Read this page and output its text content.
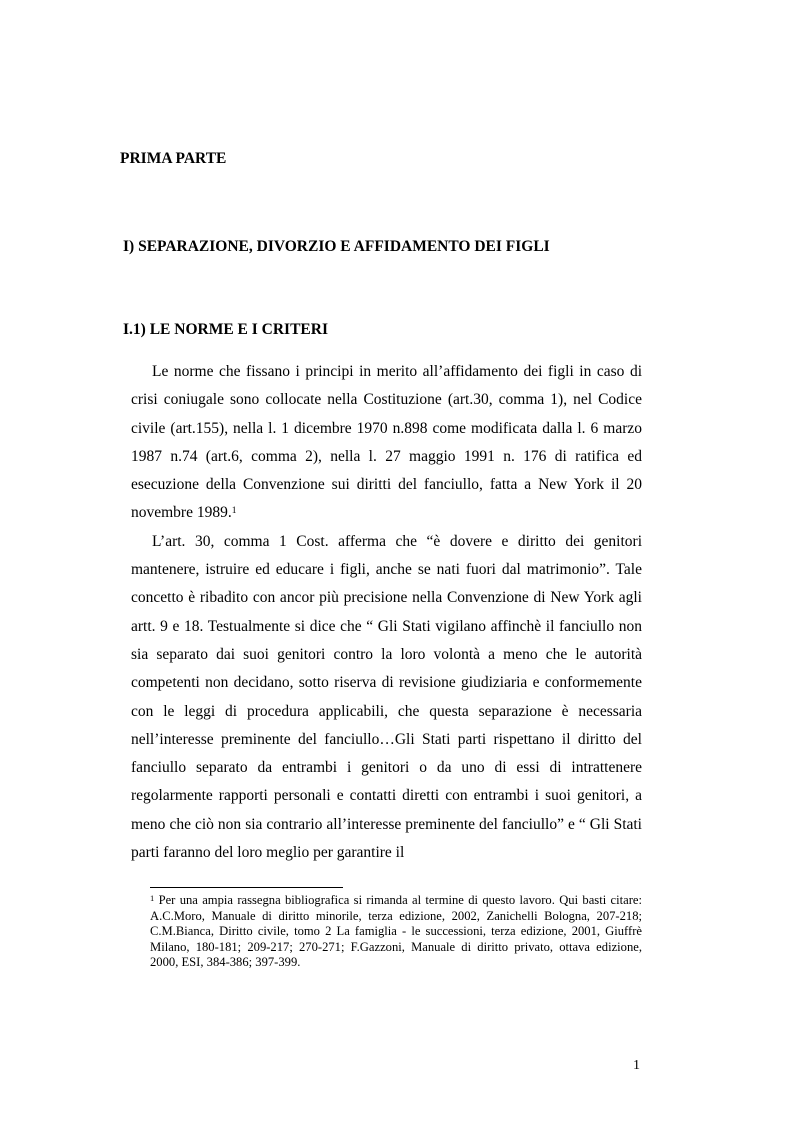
PRIMA PARTE
I) SEPARAZIONE, DIVORZIO E AFFIDAMENTO DEI FIGLI
I.1) LE NORME E I CRITERI

Le norme che fissano i principi in merito all’affidamento dei figli in caso di crisi coniugale sono collocate nella Costituzione (art.30, comma 1), nel Codice civile (art.155), nella l. 1 dicembre 1970 n.898 come modificata dalla l. 6 marzo 1987 n.74 (art.6, comma 2), nella l. 27 maggio 1991 n. 176 di ratifica ed esecuzione della Convenzione sui diritti del fanciullo, fatta a New York il 20 novembre 1989.$^1$

L’art. 30, comma 1 Cost. afferma che “è dovere e diritto dei genitori mantenere, istruire ed educare i figli, anche se nati fuori dal matrimonio”. Tale concetto è ribadito con ancor più precisione nella Convenzione di New York agli artt. 9 e 18. Testualmente si dice che “ Gli Stati vigilano affinchè il fanciullo non sia separato dai suoi genitori contro la loro volontà a meno che le autorità competenti non decidano, sotto riserva di revisione giudiziaria e conformemente con le leggi di procedura applicabili, che questa separazione è necessaria nell’interesse preminente del fanciullo…Gli Stati parti rispettano il diritto del fanciullo separato da entrambi i genitori o da uno di essi di intrattenere regolarmente rapporti personali e contatti diretti con entrambi i suoi genitori, a meno che ciò non sia contrario all’interesse preminente del fanciullo” e “ Gli Stati parti faranno del loro meglio per garantire il

$^1$ Per una ampia rassegna bibliografica si rimanda al termine di questo lavoro. Qui basti citare: A.C.Moro, Manuale di diritto minorile, terza edizione, 2002, Zanichelli Bologna, 207-218; C.M.Bianca, Diritto civile, tomo 2 La famiglia - le successioni, terza edizione, 2001, Giuffrè Milano, 180-181; 209-217; 270-271; F.Gazzoni, Manuale di diritto privato, ottava edizione, 2000, ESI, 384-386; 397-399.

1
